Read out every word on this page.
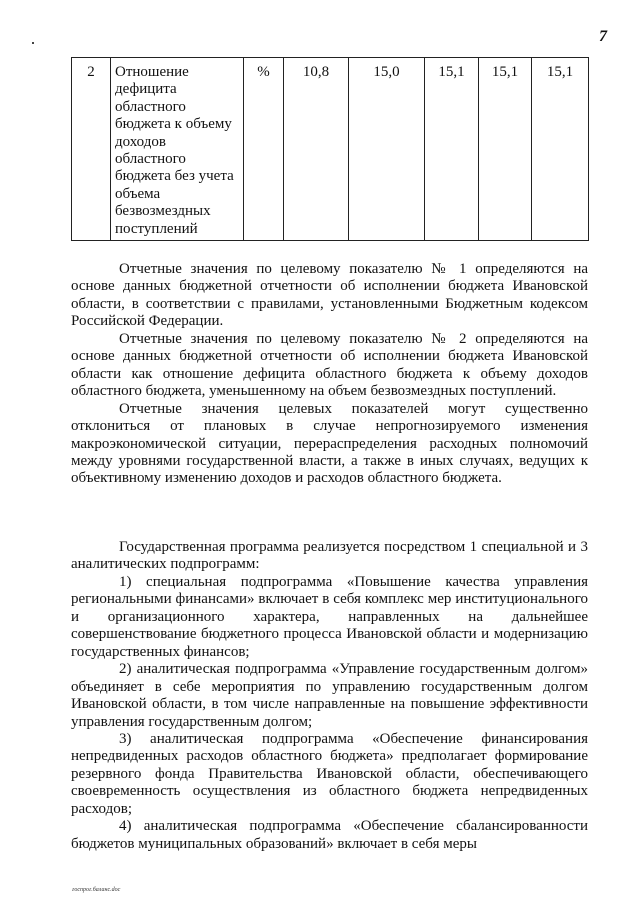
7
2	Отношение дефицита областного бюджета к объему доходов областного бюджета без учета объема безвозмездных поступлений	%	10,8	15,0	15,1	15,1	15,1

Отчетные значения по целевому показателю № 1 определяются на основе данных бюджетной отчетности об исполнении бюджета Ивановской области, в соответствии с правилами, установленными Бюджетным кодексом Российской Федерации.

Отчетные значения по целевому показателю № 2 определяются на основе данных бюджетной отчетности об исполнении бюджета Ивановской области как отношение дефицита областного бюджета к объему доходов областного бюджета, уменьшенному на объем безвозмездных поступлений.

Отчетные значения целевых показателей могут существенно отклониться от плановых в случае непрогнозируемого изменения макроэкономической ситуации, перераспределения расходных полномочий между уровнями государственной власти, а также в иных случаях, ведущих к объективному изменению доходов и расходов областного бюджета.

Государственная программа реализуется посредством 1 специальной и 3 аналитических подпрограмм:

1) специальная подпрограмма «Повышение качества управления региональными финансами» включает в себя комплекс мер институционального и организационного характера, направленных на дальнейшее совершенствование бюджетного процесса Ивановской области и модернизацию государственных финансов;

2) аналитическая подпрограмма «Управление государственным долгом» объединяет в себе мероприятия по управлению государственным долгом Ивановской области, в том числе направленные на повышение эффективности управления государственным долгом;

3) аналитическая подпрограмма «Обеспечение финансирования непредвиденных расходов областного бюджета» предполагает формирование резервного фонда Правительства Ивановской области, обеспечивающего своевременность осуществления из областного бюджета непредвиденных расходов;

4) аналитическая подпрограмма «Обеспечение сбалансированности бюджетов муниципальных образований» включает в себя меры

госпрог.баланс.doc
